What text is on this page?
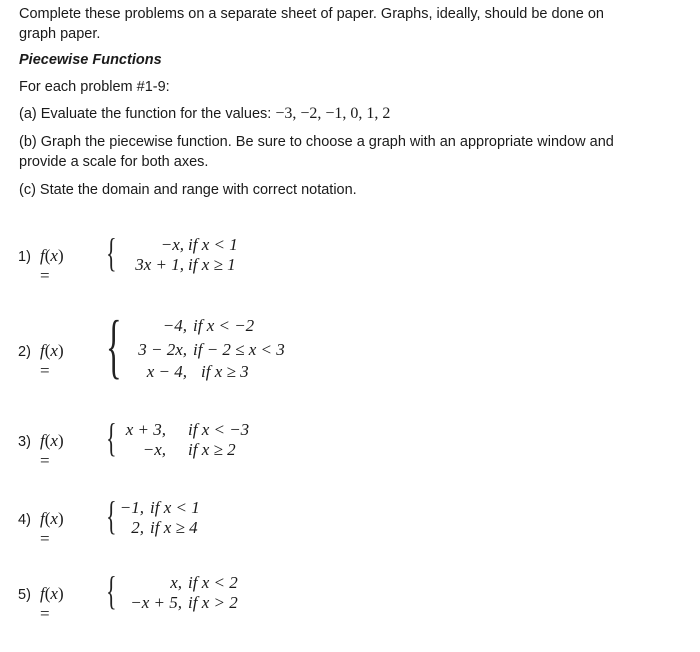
Complete these problems on a separate sheet of paper. Graphs, ideally, should be done on
graph paper.
Piecewise Functions
For each problem #1-9:
(a) Evaluate the function for the values: −3, −2, −1, 0, 1, 2
(b) Graph the piecewise function. Be sure to choose a graph with an appropriate window and
provide a scale for both axes.
(c) State the domain and range with correct notation.
1) f(x) =
{	−x, if x < 1
3x + 1, if x ≥ 1
2) f(x) = {	−4, if x < −2
3 − 2x, if − 2 ≤ x < 3
x − 4, if x ≥ 3
3) f(x) =
{ x + 3, if x < −3
−x, if x ≥ 2
4) f(x) =
{ −1, if x < 1
2, if x ≥ 4
5) f(x) =
{	x, if x < 2
−x + 5, if x > 2
